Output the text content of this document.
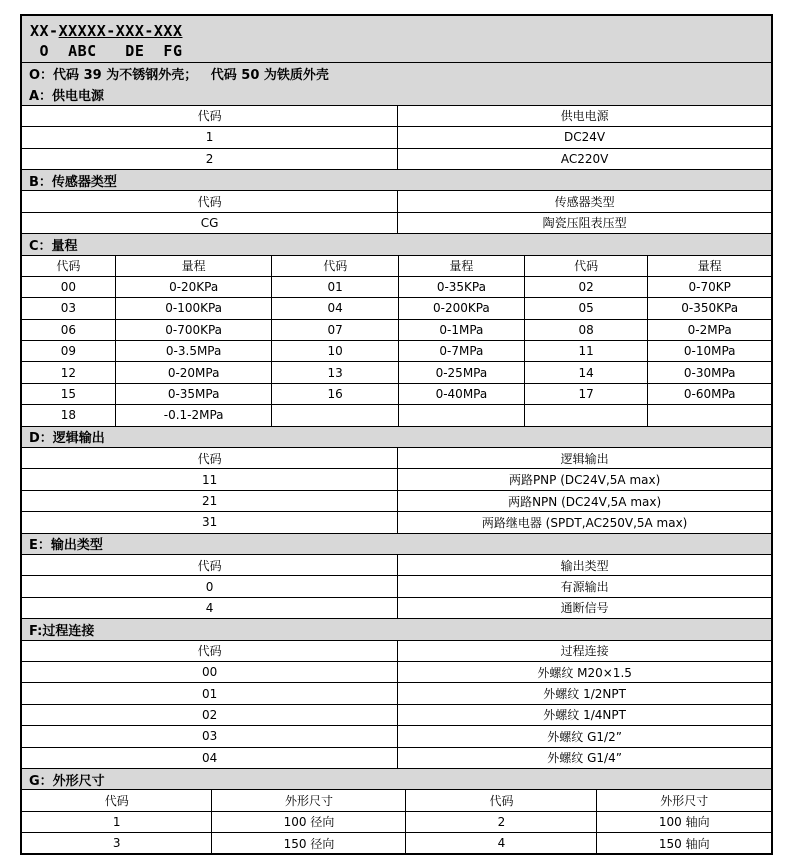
XX-XXXXX-XXX-XXX
O  ABC   DE  FG
O：代码 39 为不锈钢外壳；   代码 50 为铁质外壳
A：供电电源
代码	供电电源
1	DC24V
2	AC220V
B：传感器类型
代码	传感器类型
CG	陶瓷压阻表压型
C：量程
代码	量程	代码	量程	代码	量程
00	0-20KPa	01	0-35KPa	02	0-70KP
03	0-100KPa	04	0-200KPa	05	0-350KPa
06	0-700KPa	07	0-1MPa	08	0-2MPa
09	0-3.5MPa	10	0-7MPa	11	0-10MPa
12	0-20MPa	13	0-25MPa	14	0-30MPa
15	0-35MPa	16	0-40MPa	17	0-60MPa
18	-0.1-2MPa
D：逻辑输出
代码	逻辑输出
11	两路PNP (DC24V,5A max)
21	两路NPN (DC24V,5A max)
31	两路继电器 (SPDT,AC250V,5A max)
E：输出类型
代码	输出类型
0	有源输出
4	通断信号
F:过程连接
代码	过程连接
00	外螺纹 M20×1.5
01	外螺纹 1/2NPT
02	外螺纹 1/4NPT
03	外螺纹 G1/2”
04	外螺纹 G1/4”
G：外形尺寸
代码	外形尺寸	代码	外形尺寸
1	100 径向	2	100 轴向
3	150 径向	4	150 轴向
